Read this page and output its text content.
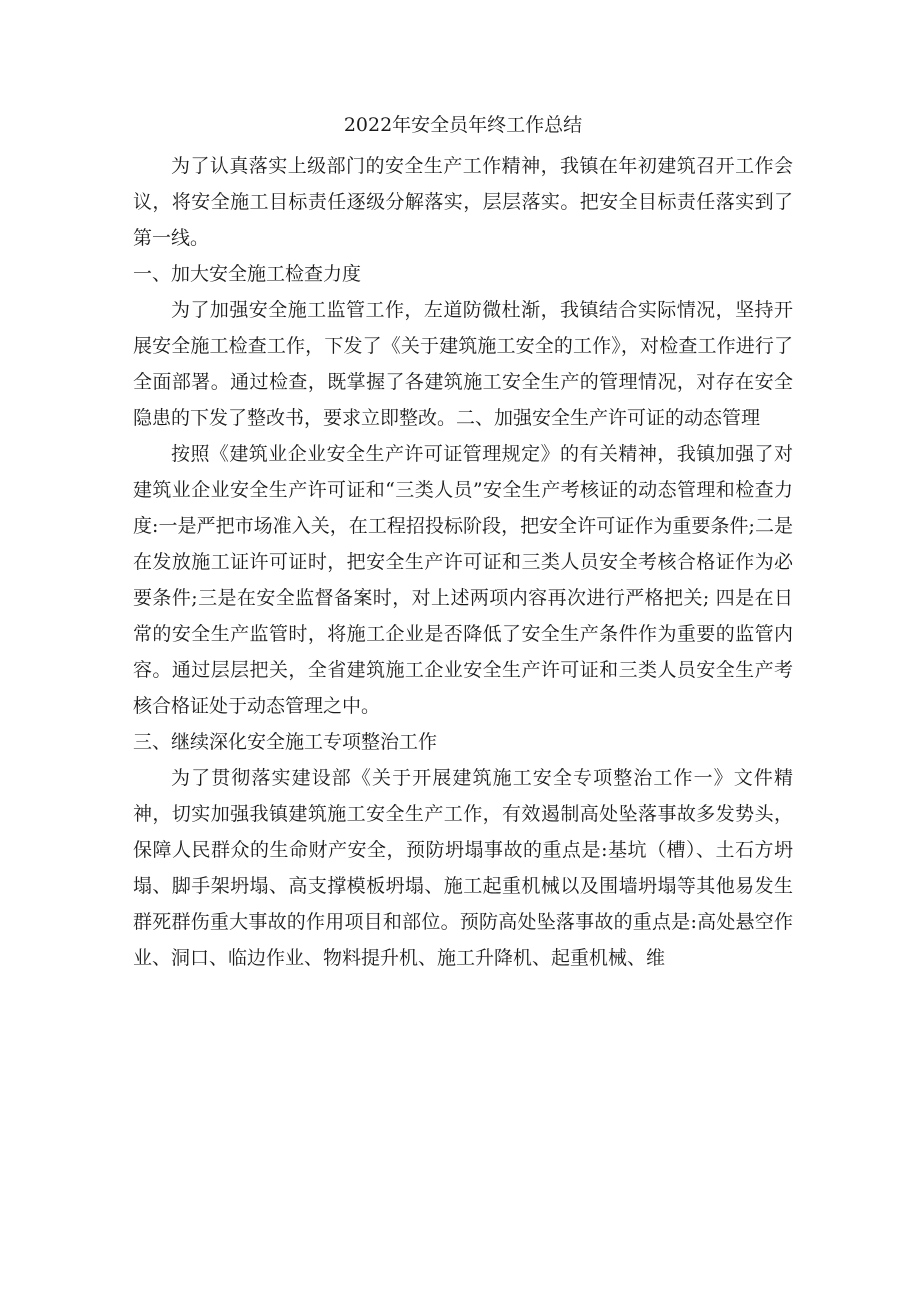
2022年安全员年终工作总结

为了认真落实上级部门的安全生产工作精神，我镇在年初建筑召开工作会议，将安全施工目标责任逐级分解落实，层层落实。把安全目标责任落实到了第一线。

一、加大安全施工检查力度

为了加强安全施工监管工作，左道防微杜渐，我镇结合实际情况，坚持开展安全施工检查工作，下发了《关于建筑施工安全的工作》，对检查工作进行了全面部署。通过检查，既掌握了各建筑施工安全生产的管理情况，对存在安全隐患的下发了整改书，要求立即整改。二、加强安全生产许可证的动态管理

按照《建筑业企业安全生产许可证管理规定》的有关精神，我镇加强了对建筑业企业安全生产许可证和“三类人员”安全生产考核证的动态管理和检查力度:一是严把市场准入关，在工程招投标阶段，把安全许可证作为重要条件;二是在发放施工证许可证时，把安全生产许可证和三类人员安全考核合格证作为必要条件;三是在安全监督备案时，对上述两项内容再次进行严格把关; 四是在日常的安全生产监管时，将施工企业是否降低了安全生产条件作为重要的监管内容。通过层层把关，全省建筑施工企业安全生产许可证和三类人员安全生产考核合格证处于动态管理之中。

三、继续深化安全施工专项整治工作

为了贯彻落实建设部《关于开展建筑施工安全专项整治工作一》文件精神，切实加强我镇建筑施工安全生产工作，有效遏制高处坠落事故多发势头，保障人民群众的生命财产安全，预防坍塌事故的重点是:基坑（槽）、土石方坍塌、脚手架坍塌、高支撑模板坍塌、施工起重机械以及围墙坍塌等其他易发生群死群伤重大事故的作用项目和部位。预防高处坠落事故的重点是:高处悬空作业、洞口、临边作业、物料提升机、施工升降机、起重机械、维
